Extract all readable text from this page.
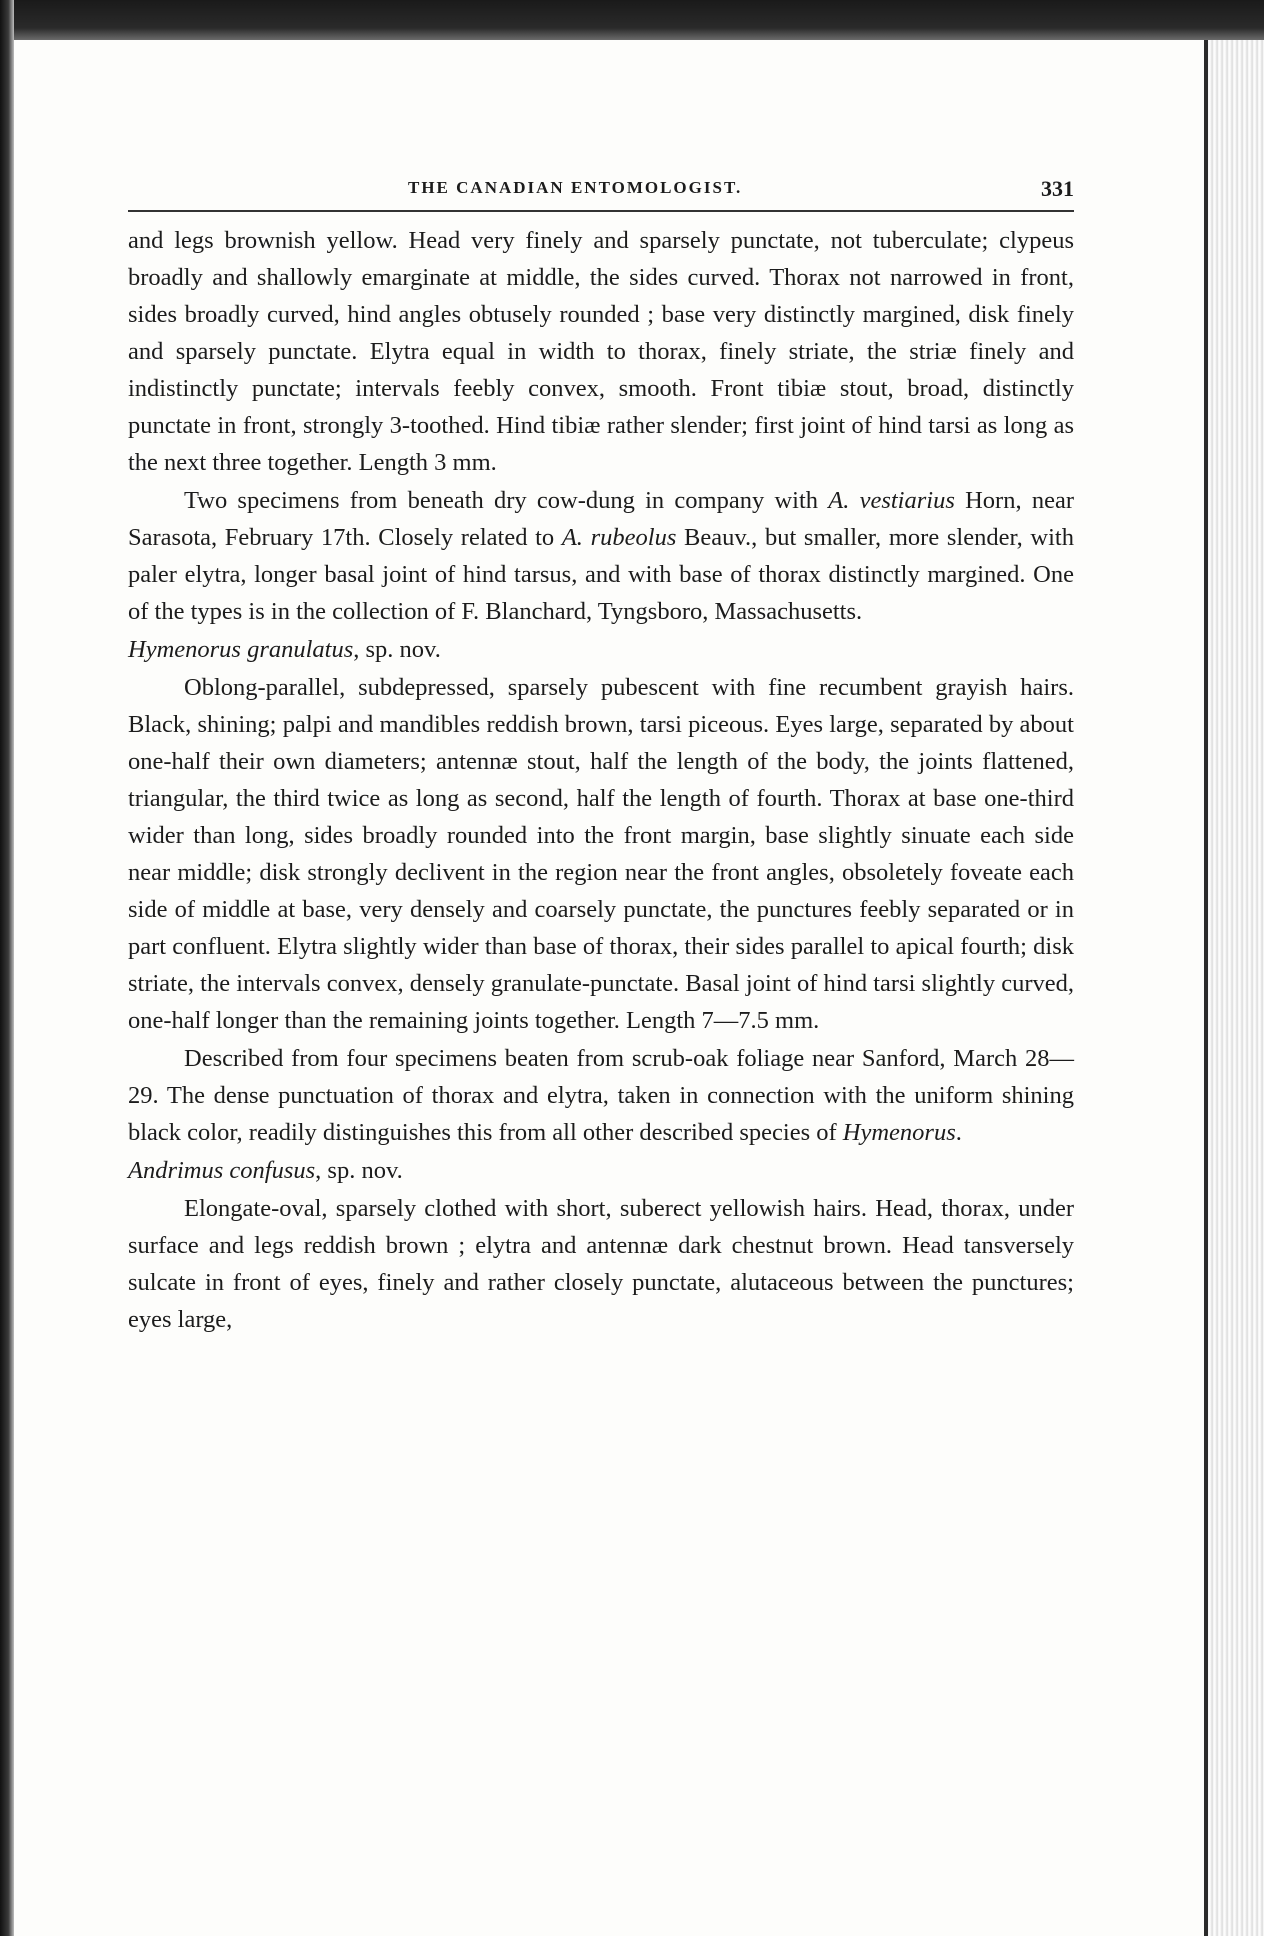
THE CANADIAN ENTOMOLOGIST.	331

and legs brownish yellow. Head very finely and sparsely punctate, not tuberculate; clypeus broadly and shallowly emarginate at middle, the sides curved. Thorax not narrowed in front, sides broadly curved, hind angles obtusely rounded ; base very distinctly margined, disk finely and sparsely punctate. Elytra equal in width to thorax, finely striate, the striæ finely and indistinctly punctate; intervals feebly convex, smooth. Front tibiæ stout, broad, distinctly punctate in front, strongly 3-toothed. Hind tibiæ rather slender; first joint of hind tarsi as long as the next three together. Length 3 mm.

Two specimens from beneath dry cow-dung in company with A. vestiarius Horn, near Sarasota, February 17th. Closely related to A. rubeolus Beauv., but smaller, more slender, with paler elytra, longer basal joint of hind tarsus, and with base of thorax distinctly margined. One of the types is in the collection of F. Blanchard, Tyngsboro, Massachusetts.

Hymenorus granulatus, sp. nov.

Oblong-parallel, subdepressed, sparsely pubescent with fine recumbent grayish hairs. Black, shining; palpi and mandibles reddish brown, tarsi piceous. Eyes large, separated by about one-half their own diameters; antennæ stout, half the length of the body, the joints flattened, triangular, the third twice as long as second, half the length of fourth. Thorax at base one-third wider than long, sides broadly rounded into the front margin, base slightly sinuate each side near middle; disk strongly declivent in the region near the front angles, obsoletely foveate each side of middle at base, very densely and coarsely punctate, the punctures feebly separated or in part confluent. Elytra slightly wider than base of thorax, their sides parallel to apical fourth; disk striate, the intervals convex, densely granulate-punctate. Basal joint of hind tarsi slightly curved, one-half longer than the remaining joints together. Length 7—7.5 mm.

Described from four specimens beaten from scrub-oak foliage near Sanford, March 28—29. The dense punctuation of thorax and elytra, taken in connection with the uniform shining black color, readily distinguishes this from all other described species of Hymenorus.

Andrimus confusus, sp. nov.

Elongate-oval, sparsely clothed with short, suberect yellowish hairs. Head, thorax, under surface and legs reddish brown ; elytra and antennæ dark chestnut brown. Head tansversely sulcate in front of eyes, finely and rather closely punctate, alutaceous between the punctures; eyes large,
